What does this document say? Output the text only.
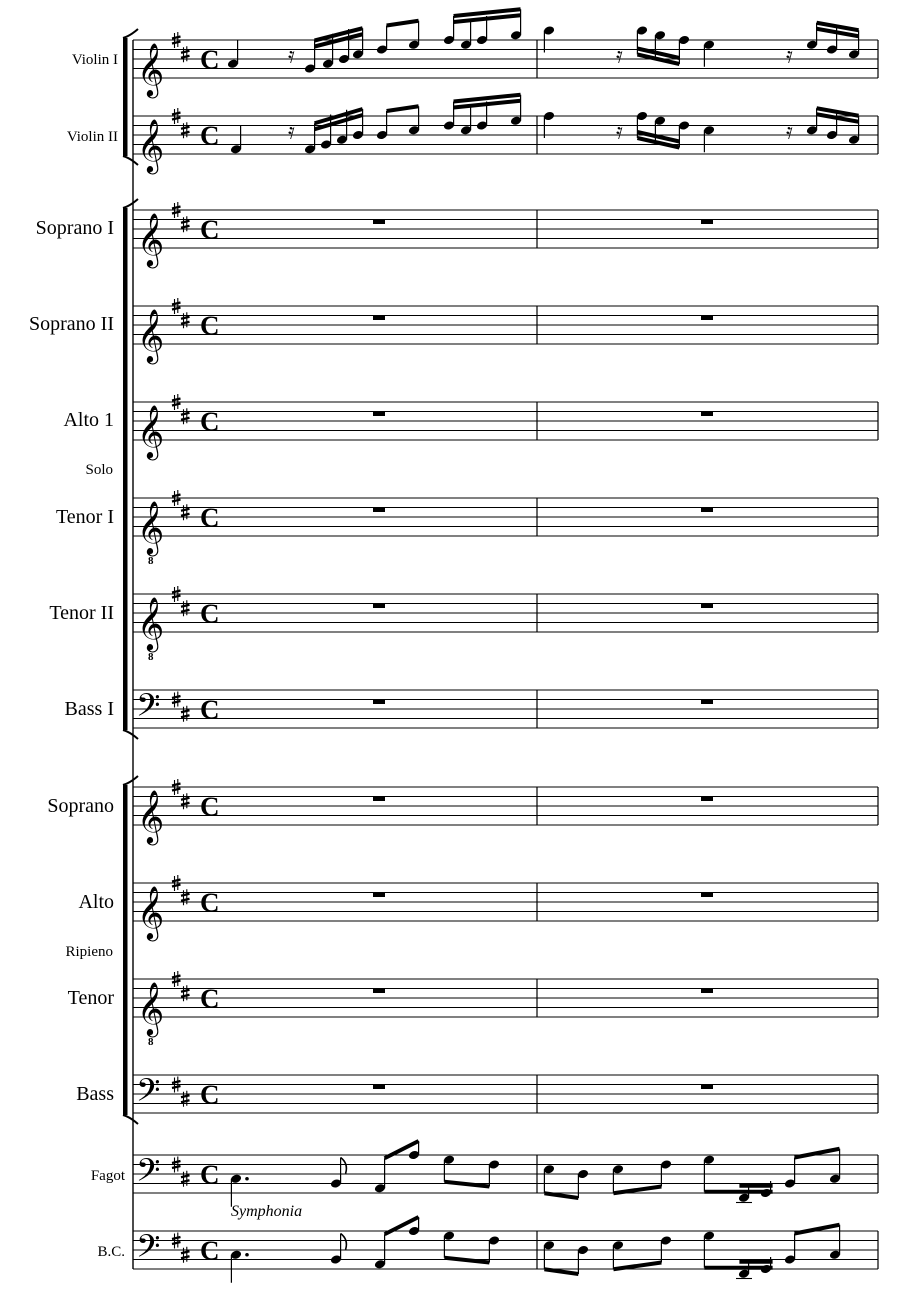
Violin I
Violin II
Soprano I
Soprano II
Alto 1
Solo
Tenor I
Tenor II
Bass I
Soprano
Alto
Ripieno
Tenor
Bass
Fagot
B.C.
Symphonia
𝄞 C
𝄞 C
𝄞 C
𝄞 C
𝄞 C
𝄞
8
C
𝄞
8
C
𝄢 C
𝄞 C
𝄞 C
𝄞
8
C
𝄢 C
𝄢 C
𝄢 C
𝄿	𝄿	𝄿
𝄿	𝄿	𝄿
